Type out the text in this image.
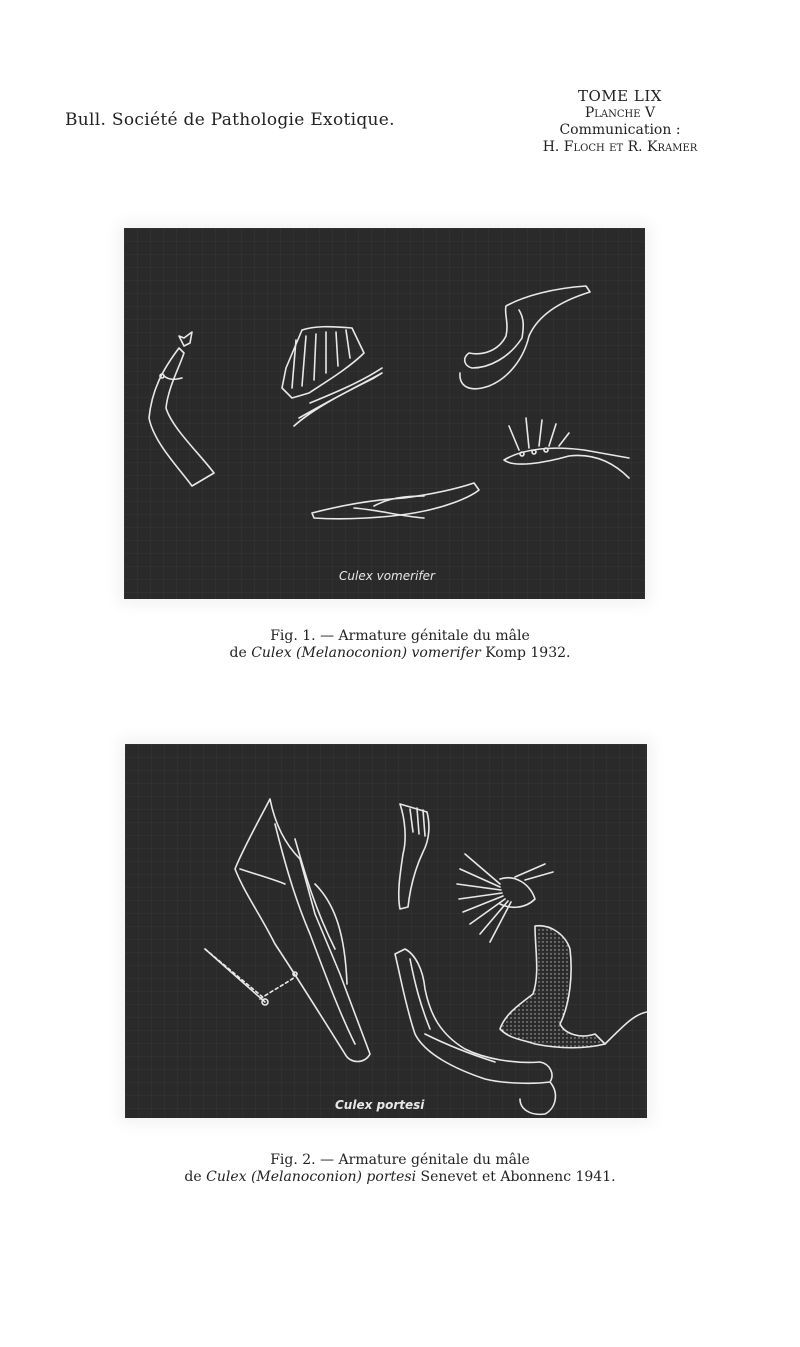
Bull. Société de Pathologie Exotique.
TOME LIX
Planche V
Communication :
H. Floch et R. Kramer
Culex vomerifer
Fig. 1. — Armature génitale du mâle
de Culex (Melanoconion) vomerifer Komp 1932.
Culex portesi
Fig. 2. — Armature génitale du mâle
de Culex (Melanoconion) portesi Senevet et Abonnenc 1941.
